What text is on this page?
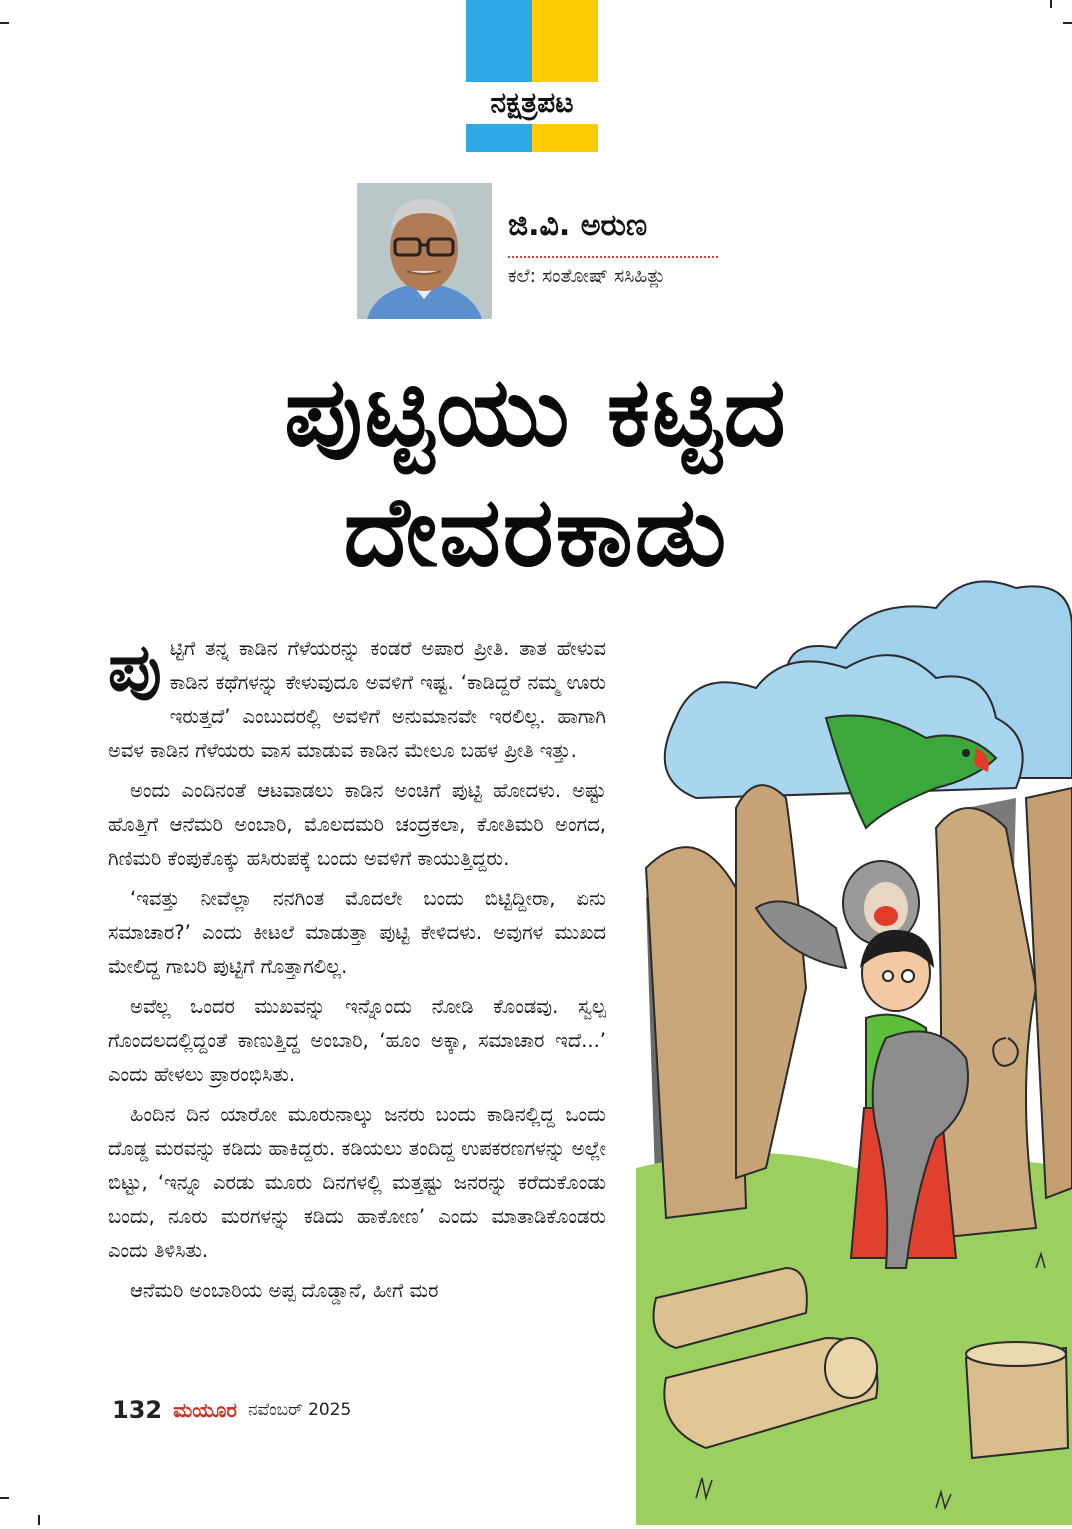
ನಕ್ಷತ್ರಪಟ
ಜಿ.ವಿ. ಅರುಣ
ಕಲೆ: ಸಂತೋಷ್ ಸಸಿಹಿತ್ಲು
ಪುಟ್ಟಿಯು ಕಟ್ಟಿದ
ದೇವರಕಾಡು

ಪುಟ್ಟಿಗೆ ತನ್ನ ಕಾಡಿನ ಗೆಳೆಯರನ್ನು ಕಂಡರೆ ಅಪಾರ ಪ್ರೀತಿ. ತಾತ ಹೇಳುವ ಕಾಡಿನ ಕಥೆಗಳನ್ನು ಕೇಳುವುದೂ ಅವಳಿಗೆ ಇಷ್ಟ. ‘ಕಾಡಿದ್ದರೆ ನಮ್ಮ ಊರು ಇರುತ್ತದೆ’ ಎಂಬುದರಲ್ಲಿ ಅವಳಿಗೆ ಅನುಮಾನವೇ ಇರಲಿಲ್ಲ. ಹಾಗಾಗಿ ಅವಳ ಕಾಡಿನ ಗೆಳೆಯರು ವಾಸ ಮಾಡುವ ಕಾಡಿನ ಮೇಲೂ ಬಹಳ ಪ್ರೀತಿ ಇತ್ತು.

ಅಂದು ಎಂದಿನಂತೆ ಆಟವಾಡಲು ಕಾಡಿನ ಅಂಚಿಗೆ ಪುಟ್ಟಿ ಹೋದಳು. ಅಷ್ಟು ಹೊತ್ತಿಗೆ ಆನೆಮರಿ ಅಂಬಾರಿ, ಮೊಲದಮರಿ ಚಂದ್ರಕಲಾ, ಕೋತಿಮರಿ ಅಂಗದ, ಗಿಣಿಮರಿ ಕೆಂಪುಕೊಕ್ಕು ಹಸಿರುಪಕ್ಕೆ ಬಂದು ಅವಳಿಗೆ ಕಾಯುತ್ತಿದ್ದರು.

‘ಇವತ್ತು ನೀವೆಲ್ಲಾ ನನಗಿಂತ ಮೊದಲೇ ಬಂದು ಬಿಟ್ಟಿದ್ದೀರಾ, ಏನು ಸಮಾಚಾರ?’ ಎಂದು ಕೀಟಲೆ ಮಾಡುತ್ತಾ ಪುಟ್ಟಿ ಕೇಳಿದಳು. ಅವುಗಳ ಮುಖದ ಮೇಲಿದ್ದ ಗಾಬರಿ ಪುಟ್ಟಿಗೆ ಗೊತ್ತಾಗಲಿಲ್ಲ.

ಅವೆಲ್ಲ ಒಂದರ ಮುಖವನ್ನು ಇನ್ನೊಂದು ನೋಡಿ ಕೊಂಡವು. ಸ್ವಲ್ಪ ಗೊಂದಲದಲ್ಲಿದ್ದಂತೆ ಕಾಣುತ್ತಿದ್ದ ಅಂಬಾರಿ, ‘ಹೂಂ ಅಕ್ಕಾ, ಸಮಾಚಾರ ಇದೆ...’ ಎಂದು ಹೇಳಲು ಪ್ರಾರಂಭಿಸಿತು.

ಹಿಂದಿನ ದಿನ ಯಾರೋ ಮೂರುನಾಲ್ಕು ಜನರು ಬಂದು ಕಾಡಿನಲ್ಲಿದ್ದ ಒಂದು ದೊಡ್ಡ ಮರವನ್ನು ಕಡಿದು ಹಾಕಿದ್ದರು. ಕಡಿಯಲು ತಂದಿದ್ದ ಉಪಕರಣಗಳನ್ನು ಅಲ್ಲೇ ಬಿಟ್ಟು, ‘ಇನ್ನೂ ಎರಡು ಮೂರು ದಿನಗಳಲ್ಲಿ ಮತ್ತಷ್ಟು ಜನರನ್ನು ಕರೆದುಕೊಂಡು ಬಂದು, ನೂರು ಮರಗಳನ್ನು ಕಡಿದು ಹಾಕೋಣ’ ಎಂದು ಮಾತಾಡಿಕೊಂಡರು ಎಂದು ತಿಳಿಸಿತು.

ಆನೆಮರಿ ಅಂಬಾರಿಯ ಅಪ್ಪ ದೊಡ್ಡಾನೆ, ಹೀಗೆ ಮರ

132 ಮಯೂರ ನವೆಂಬರ್ 2025
